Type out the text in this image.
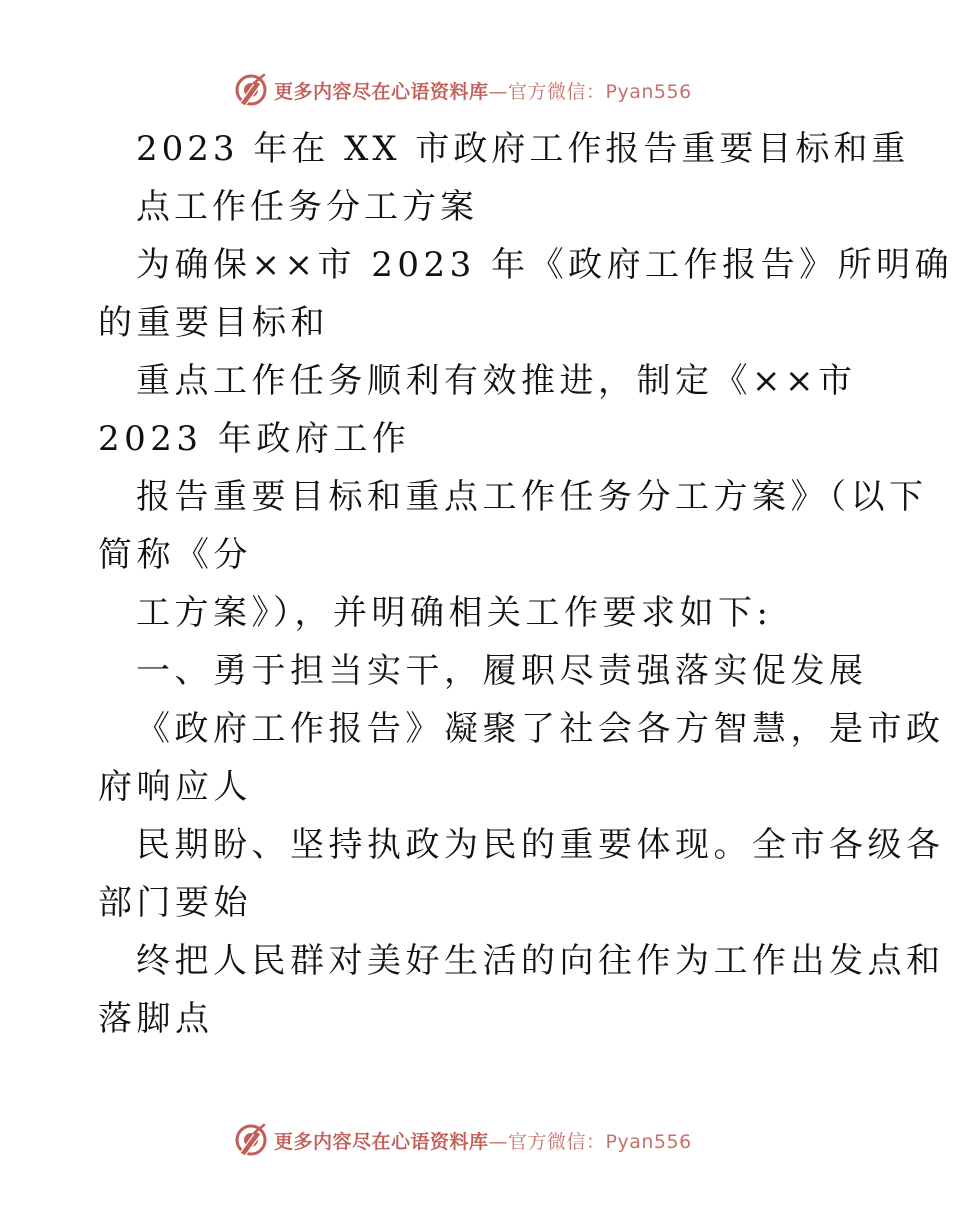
更多内容尽在心语资料库—官方微信：Pyan556
2023 年在 XX 市政府工作报告重要目标和重
点工作任务分工方案
为确保××市 2023 年《政府工作报告》所明确
的重要目标和
重点工作任务顺利有效推进，制定《××市
2023 年政府工作
报告重要目标和重点工作任务分工方案》（以下
简称《分
工方案》），并明确相关工作要求如下:
一、勇于担当实干，履职尽责强落实促发展
《政府工作报告》凝聚了社会各方智慧，是市政
府响应人
民期盼、坚持执政为民的重要体现。全市各级各
部门要始
终把人民群对美好生活的向往作为工作出发点和
落脚点
更多内容尽在心语资料库—官方微信：Pyan556
